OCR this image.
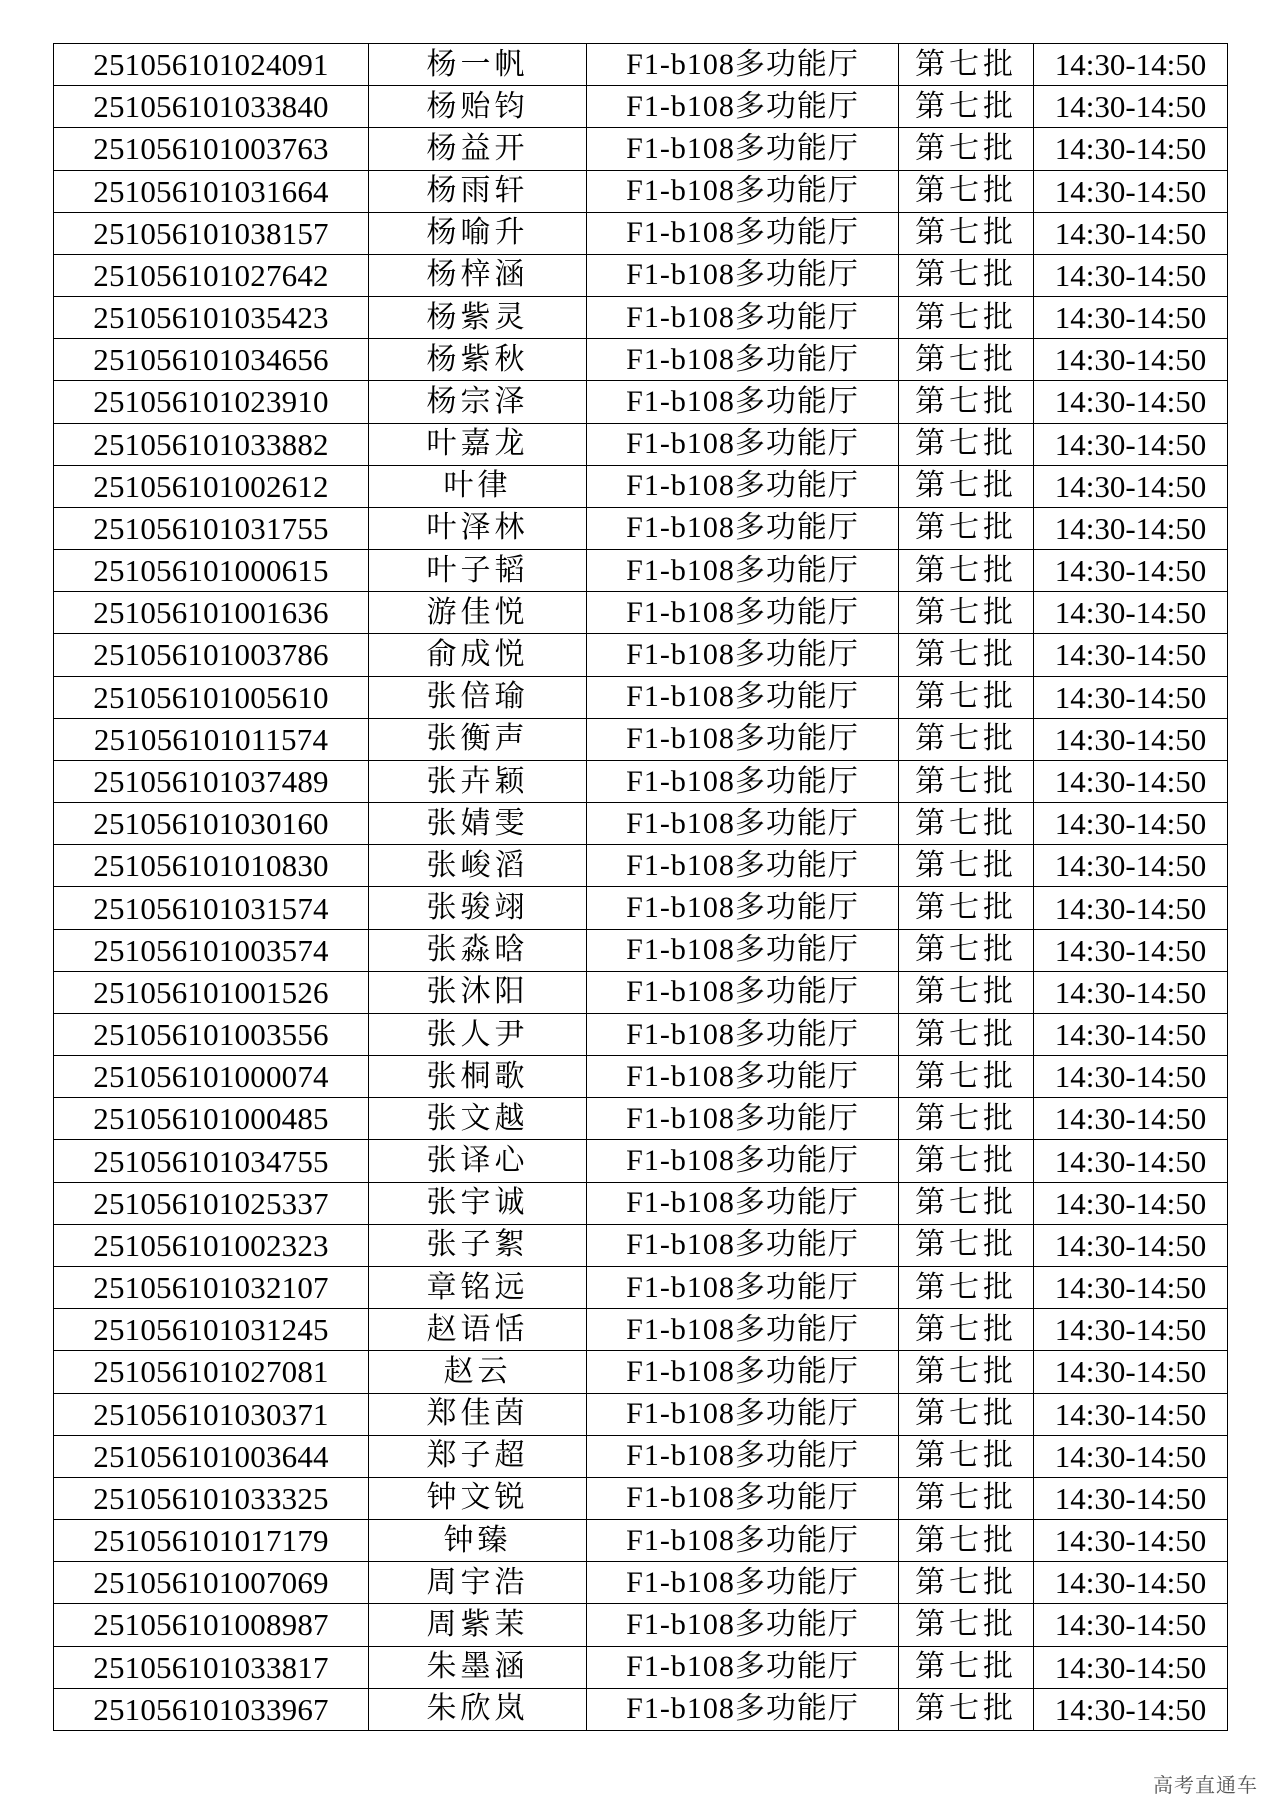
251056101024091	杨一帆	F1-b108多功能厅	第七批	14:30-14:50
251056101033840	杨贻钧	F1-b108多功能厅	第七批	14:30-14:50
251056101003763	杨益开	F1-b108多功能厅	第七批	14:30-14:50
251056101031664	杨雨轩	F1-b108多功能厅	第七批	14:30-14:50
251056101038157	杨喻升	F1-b108多功能厅	第七批	14:30-14:50
251056101027642	杨梓涵	F1-b108多功能厅	第七批	14:30-14:50
251056101035423	杨紫灵	F1-b108多功能厅	第七批	14:30-14:50
251056101034656	杨紫秋	F1-b108多功能厅	第七批	14:30-14:50
251056101023910	杨宗泽	F1-b108多功能厅	第七批	14:30-14:50
251056101033882	叶嘉龙	F1-b108多功能厅	第七批	14:30-14:50
251056101002612	叶律	F1-b108多功能厅	第七批	14:30-14:50
251056101031755	叶泽林	F1-b108多功能厅	第七批	14:30-14:50
251056101000615	叶子韬	F1-b108多功能厅	第七批	14:30-14:50
251056101001636	游佳悦	F1-b108多功能厅	第七批	14:30-14:50
251056101003786	俞成悦	F1-b108多功能厅	第七批	14:30-14:50
251056101005610	张倍瑜	F1-b108多功能厅	第七批	14:30-14:50
251056101011574	张衡声	F1-b108多功能厅	第七批	14:30-14:50
251056101037489	张卉颖	F1-b108多功能厅	第七批	14:30-14:50
251056101030160	张婧雯	F1-b108多功能厅	第七批	14:30-14:50
251056101010830	张峻滔	F1-b108多功能厅	第七批	14:30-14:50
251056101031574	张骏翊	F1-b108多功能厅	第七批	14:30-14:50
251056101003574	张淼晗	F1-b108多功能厅	第七批	14:30-14:50
251056101001526	张沐阳	F1-b108多功能厅	第七批	14:30-14:50
251056101003556	张人尹	F1-b108多功能厅	第七批	14:30-14:50
251056101000074	张桐歌	F1-b108多功能厅	第七批	14:30-14:50
251056101000485	张文越	F1-b108多功能厅	第七批	14:30-14:50
251056101034755	张译心	F1-b108多功能厅	第七批	14:30-14:50
251056101025337	张宇诚	F1-b108多功能厅	第七批	14:30-14:50
251056101002323	张子絮	F1-b108多功能厅	第七批	14:30-14:50
251056101032107	章铭远	F1-b108多功能厅	第七批	14:30-14:50
251056101031245	赵语恬	F1-b108多功能厅	第七批	14:30-14:50
251056101027081	赵云	F1-b108多功能厅	第七批	14:30-14:50
251056101030371	郑佳茵	F1-b108多功能厅	第七批	14:30-14:50
251056101003644	郑子超	F1-b108多功能厅	第七批	14:30-14:50
251056101033325	钟文锐	F1-b108多功能厅	第七批	14:30-14:50
251056101017179	钟臻	F1-b108多功能厅	第七批	14:30-14:50
251056101007069	周宇浩	F1-b108多功能厅	第七批	14:30-14:50
251056101008987	周紫茉	F1-b108多功能厅	第七批	14:30-14:50
251056101033817	朱墨涵	F1-b108多功能厅	第七批	14:30-14:50
251056101033967	朱欣岚	F1-b108多功能厅	第七批	14:30-14:50
高考直通车
